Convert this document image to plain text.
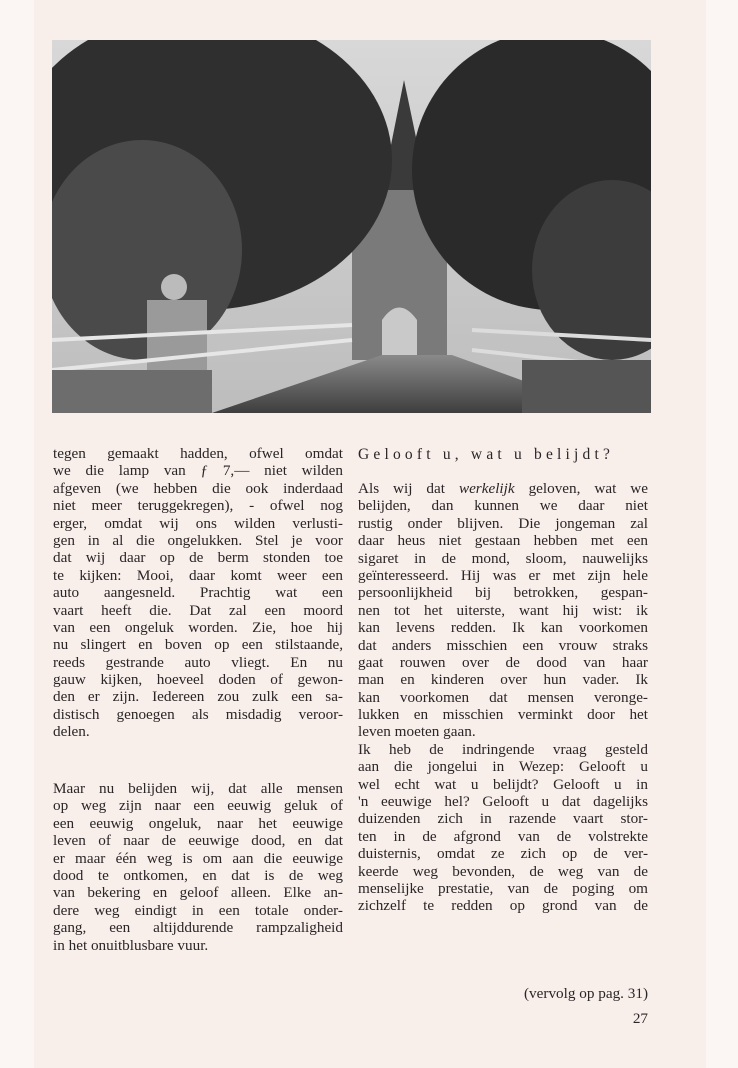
tegen gemaakt hadden, ofwel omdat
we die lamp van ƒ 7,— niet wilden
afgeven (we hebben die ook inderdaad
niet meer teruggekregen), - ofwel nog
erger, omdat wij ons wilden verlusti-
gen in al die ongelukken. Stel je voor
dat wij daar op de berm stonden toe
te kijken: Mooi, daar komt weer een
auto aangesneld. Prachtig wat een
vaart heeft die. Dat zal een moord
van een ongeluk worden. Zie, hoe hij
nu slingert en boven op een stilstaande,
reeds gestrande auto vliegt. En nu
gauw kijken, hoeveel doden of gewon-
den er zijn. Iedereen zou zulk een sa-
distisch genoegen als misdadig veroor-
delen.
Maar nu belijden wij, dat alle mensen
op weg zijn naar een eeuwig geluk of
een eeuwig ongeluk, naar het eeuwige
leven of naar de eeuwige dood, en dat
er maar één weg is om aan die eeuwige
dood te ontkomen, en dat is de weg
van bekering en geloof alleen. Elke an-
dere weg eindigt in een totale onder-
gang, een altijddurende rampzaligheid
in het onuitblusbare vuur.
Gelooft u, wat u belijdt?
Als wij dat werkelijk geloven, wat we
belijden, dan kunnen we daar niet
rustig onder blijven. Die jongeman zal
daar heus niet gestaan hebben met een
sigaret in de mond, sloom, nauwelijks
geïnteresseerd. Hij was er met zijn hele
persoonlijkheid bij betrokken, gespan-
nen tot het uiterste, want hij wist: ik
kan levens redden. Ik kan voorkomen
dat anders misschien een vrouw straks
gaat rouwen over de dood van haar
man en kinderen over hun vader. Ik
kan voorkomen dat mensen veronge-
lukken en misschien verminkt door het
leven moeten gaan.
Ik heb de indringende vraag gesteld
aan die jongelui in Wezep: Gelooft u
wel echt wat u belijdt? Gelooft u in
'n eeuwige hel? Gelooft u dat dagelijks
duizenden zich in razende vaart stor-
ten in de afgrond van de volstrekte
duisternis, omdat ze zich op de ver-
keerde weg bevonden, de weg van de
menselijke prestatie, van de poging om
zichzelf te redden op grond van de
(vervolg op pag. 31)
27
